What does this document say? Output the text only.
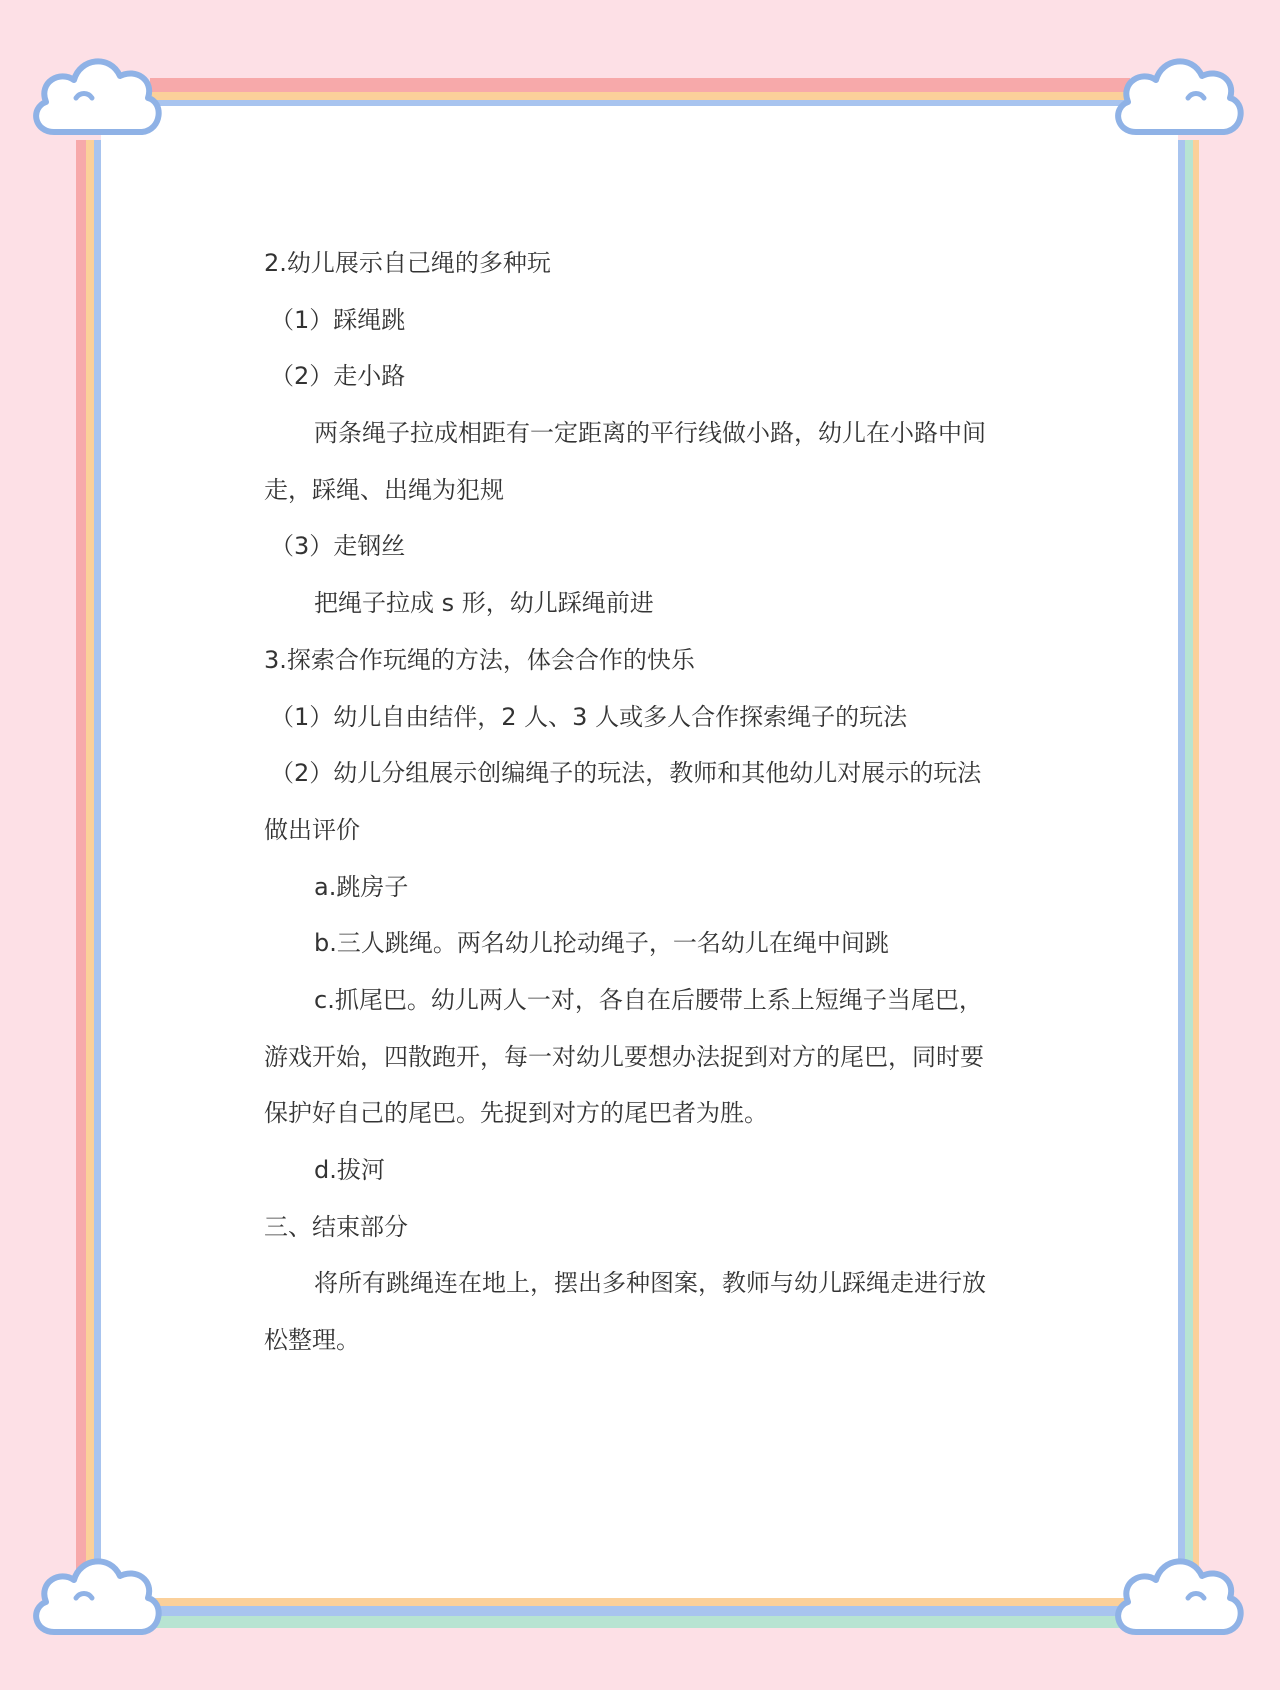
2.幼儿展示自己绳的多种玩
（1）踩绳跳
（2）走小路
两条绳子拉成相距有一定距离的平行线做小路，幼儿在小路中间
走，踩绳、出绳为犯规
（3）走钢丝
把绳子拉成 s 形，幼儿踩绳前进
3.探索合作玩绳的方法，体会合作的快乐
（1）幼儿自由结伴，2 人、3 人或多人合作探索绳子的玩法
（2）幼儿分组展示创编绳子的玩法，教师和其他幼儿对展示的玩法
做出评价
a.跳房子
b.三人跳绳。两名幼儿抡动绳子，一名幼儿在绳中间跳
c.抓尾巴。幼儿两人一对，各自在后腰带上系上短绳子当尾巴，
游戏开始，四散跑开，每一对幼儿要想办法捉到对方的尾巴，同时要
保护好自己的尾巴。先捉到对方的尾巴者为胜。
d.拔河
三、结束部分
将所有跳绳连在地上，摆出多种图案，教师与幼儿踩绳走进行放
松整理。
